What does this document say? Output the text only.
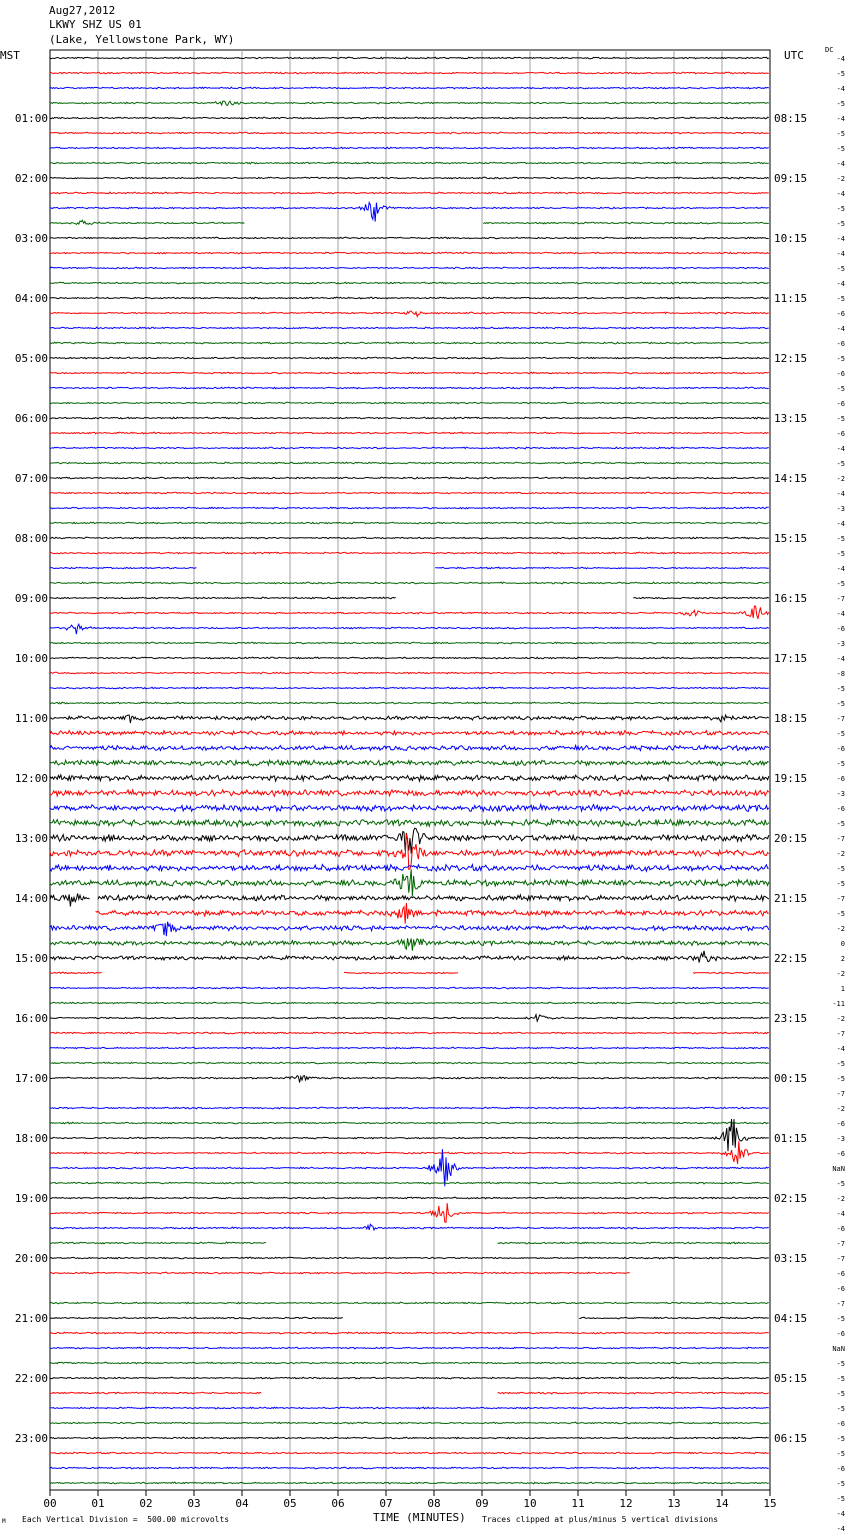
Aug27,2012
LKWY SHZ US 01
(Lake, Yellowstone Park, WY)
MST	UTC	DC
00	01	02	03	04	05	06	07	08	09	10	11	12	13	14	15
01:00
02:00
03:00
04:00
05:00
06:00
07:00
08:00
09:00
10:00
11:00
12:00
13:00
14:00
15:00
16:00
17:00
18:00
19:00
20:00
21:00
22:00
23:00
08:15
09:15
10:15
11:15
12:15
13:15
14:15
15:15
16:15
17:15
18:15
19:15
20:15
21:15
22:15
23:15
00:15
01:15
02:15
03:15
04:15
05:15
06:15
-4
-5
-4
-5
-4
-5
-5
-4
-2
-4
-5
-5
-4
-4
-5
-4
-5
-6
-4
-6
-5
-6
-5
-6
-5
-6
-4
-5
-2
-4
-3
-4
-5
-5
-4
-5
-7
-4
-6
-3
-4
-8
-5
-5
-7
-5
-6
-5
-6
-3
-6
-5
-7
-2
-5
-5
-7
-5
-2
0
2
-2
1
-11
-2
-7
-4
-5
-5
-7
-2
-6
-3
-6
NaN
-5
-2
-4
-6
-7
-7
-6
-6
-7
-5
-6
NaN
-5
-5
-5
-5
-6
-5
-5
-6
-5
-5
-4
-4
M Each Vertical Division =  500.00 microvolts	TIME (MINUTES) Traces clipped at plus/minus 5 vertical divisions
